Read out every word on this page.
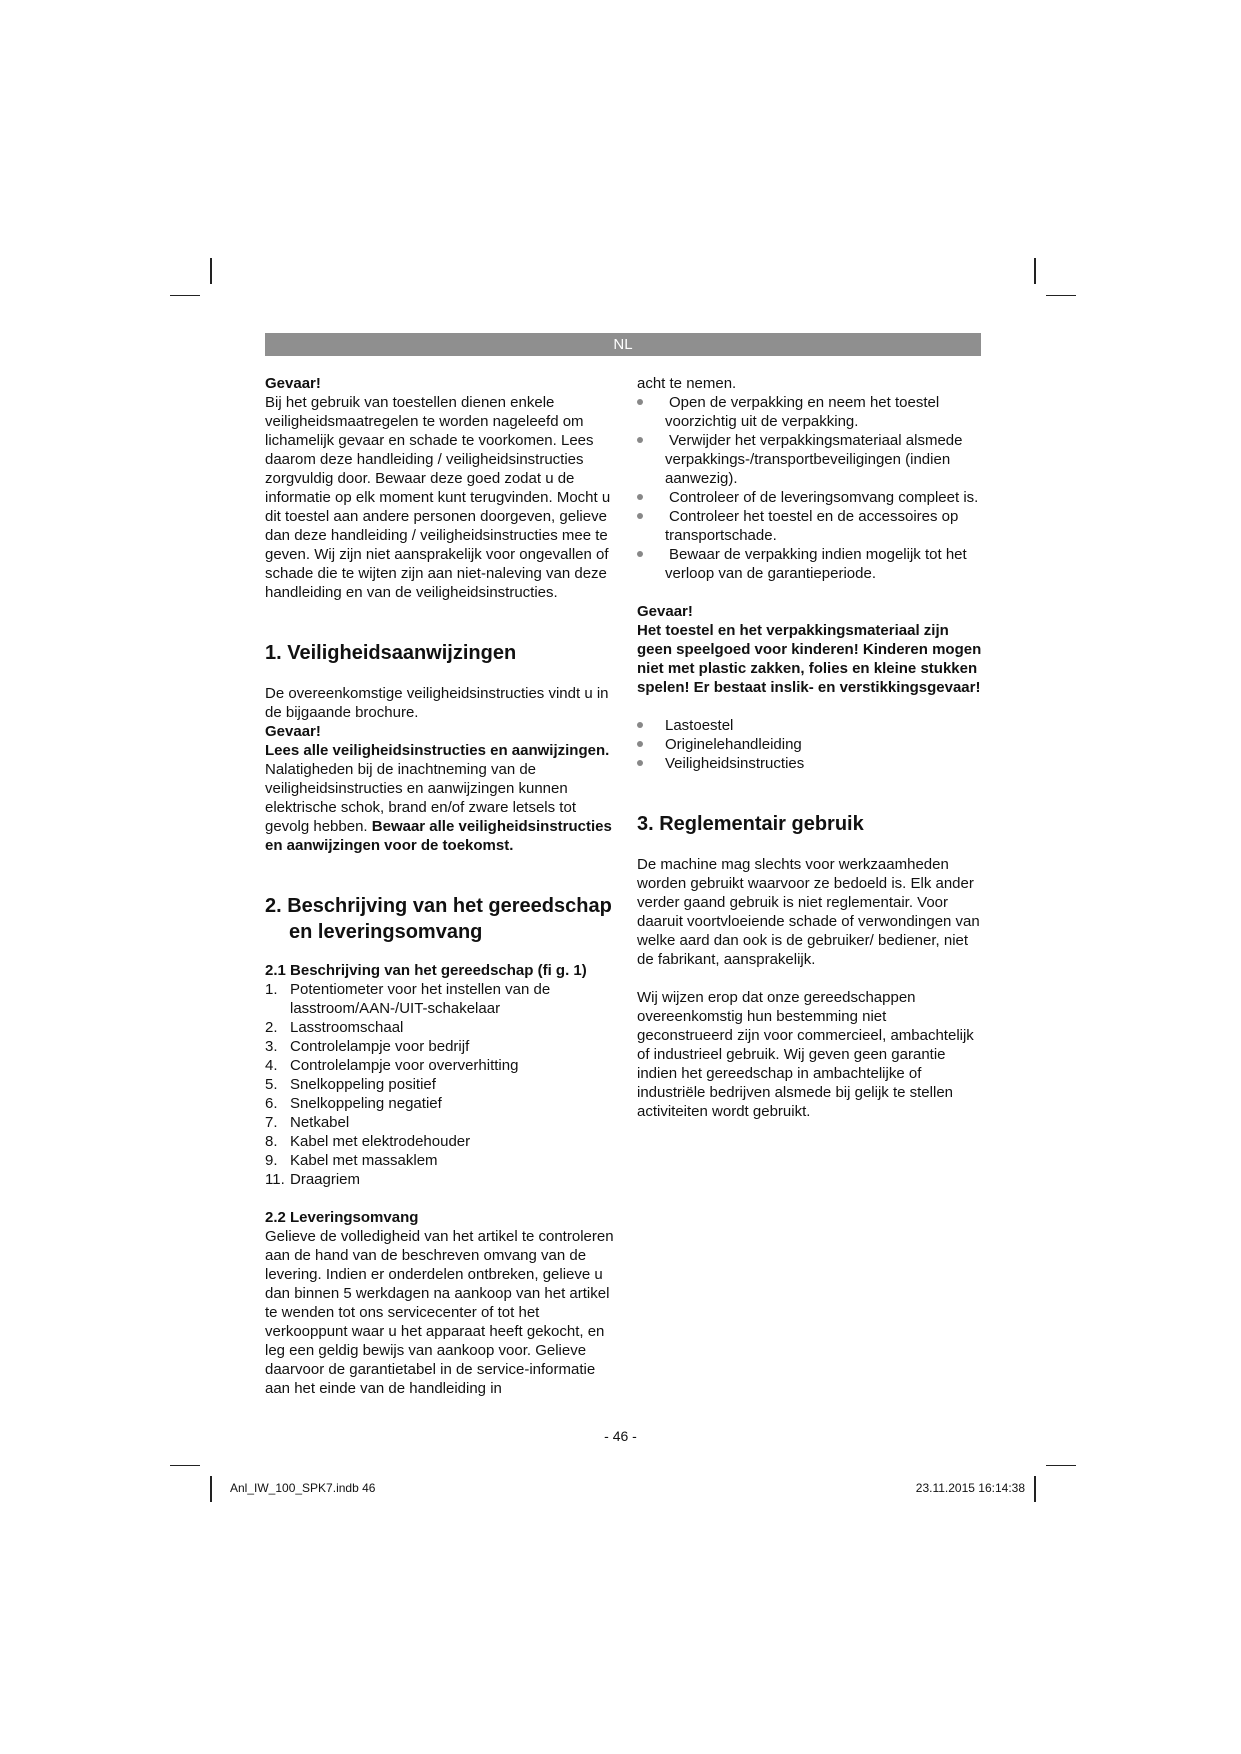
NL

Gevaar!

Bij het gebruik van toestellen dienen enkele veiligheidsmaatregelen te worden nageleefd om lichamelijk gevaar en schade te voorkomen. Lees daarom deze handleiding / veiligheidsinstructies zorgvuldig door. Bewaar deze goed zodat u de informatie op elk moment kunt terugvinden. Mocht u dit toestel aan andere personen doorgeven, gelieve dan deze handleiding / veiligheidsinstructies mee te geven. Wij zijn niet aansprakelijk voor ongevallen of schade die te wijten zijn aan niet-naleving van deze handleiding en van de veiligheidsinstructies.

1. Veiligheidsaanwijzingen

De overeenkomstige veiligheidsinstructies vindt u in de bijgaande brochure.

Gevaar!

Lees alle veiligheidsinstructies en aanwijzingen. Nalatigheden bij de inachtneming van de veiligheidsinstructies en aanwijzingen kunnen elektrische schok, brand en/of zware letsels tot gevolg hebben. Bewaar alle veiligheidsinstructies en aanwijzingen voor de toekomst.

2. Beschrijving van het gereedschap
en leveringsomvang
2.1 Beschrijving van het gereedschap (fi g. 1)
1. Potentiometer voor het instellen van de lasstroom/AAN-/UIT-schakelaar
2. Lasstroomschaal
3. Controlelampje voor bedrijf
4. Controlelampje voor oververhitting
5. Snelkoppeling positief
6. Snelkoppeling negatief
7. Netkabel
8. Kabel met elektrodehouder
9. Kabel met massaklem
11. Draagriem
2.2 Leveringsomvang

Gelieve de volledigheid van het artikel te controleren aan de hand van de beschreven omvang van de levering. Indien er onderdelen ontbreken, gelieve u dan binnen 5 werkdagen na aankoop van het artikel te wenden tot ons servicecenter of tot het verkooppunt waar u het apparaat heeft gekocht, en leg een geldig bewijs van aankoop voor. Gelieve daarvoor de garantietabel in de service-informatie aan het einde van de handleiding in

acht te nemen.

Open de verpakking en neem het toestel voorzichtig uit de verpakking.
Verwijder het verpakkingsmateriaal alsmede verpakkings-/transportbeveiligingen (indien aanwezig).
Controleer of de leveringsomvang compleet is.
Controleer het toestel en de accessoires op transportschade.
Bewaar de verpakking indien mogelijk tot het verloop van de garantieperiode.

Gevaar!

Het toestel en het verpakkingsmateriaal zijn geen speelgoed voor kinderen! Kinderen mogen niet met plastic zakken, folies en kleine stukken spelen! Er bestaat inslik- en verstikkingsgevaar!

Lastoestel
Originelehandleiding
Veiligheidsinstructies
3. Reglementair gebruik

De machine mag slechts voor werkzaamheden worden gebruikt waarvoor ze bedoeld is. Elk ander verder gaand gebruik is niet reglementair. Voor daaruit voortvloeiende schade of verwondingen van welke aard dan ook is de gebruiker/ bediener, niet de fabrikant, aansprakelijk.

Wij wijzen erop dat onze gereedschappen overeenkomstig hun bestemming niet geconstrueerd zijn voor commercieel, ambachtelijk of industrieel gebruik. Wij geven geen garantie indien het gereedschap in ambachtelijke of industriële bedrijven alsmede bij gelijk te stellen activiteiten wordt gebruikt.

- 46 -
Anl_IW_100_SPK7.indb 46	23.11.2015 16:14:38
